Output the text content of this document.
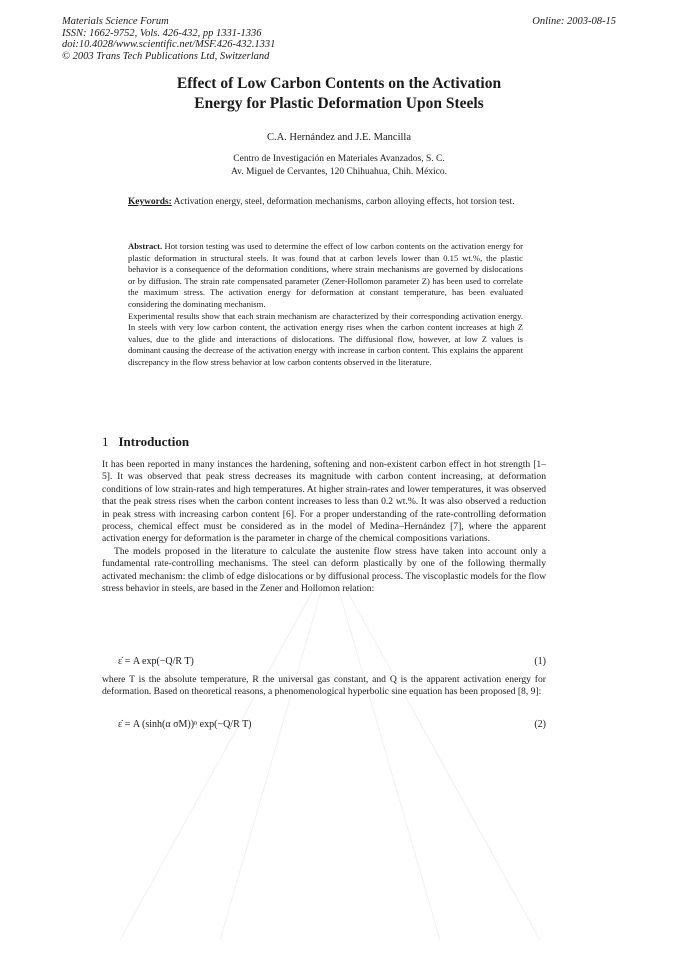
Materials Science Forum
ISSN: 1662-9752, Vols. 426-432, pp 1331-1336
doi:10.4028/www.scientific.net/MSF.426-432.1331
© 2003 Trans Tech Publications Ltd, Switzerland
Online: 2003-08-15
Effect of Low Carbon Contents on the Activation
Energy for Plastic Deformation Upon Steels
C.A. Hernández and J.E. Mancilla
Centro de Investigación en Materiales Avanzados, S. C.
Av. Miguel de Cervantes, 120 Chihuahua, Chih. México.
Keywords: Activation energy, steel, deformation mechanisms, carbon alloying effects, hot torsion test.

Abstract. Hot torsion testing was used to determine the effect of low carbon contents on the activation energy for plastic deformation in structural steels. It was found that at carbon levels lower than 0.15 wt.%, the plastic behavior is a consequence of the deformation conditions, where strain mechanisms are governed by dislocations or by diffusion. The strain rate compensated parameter (Zener-Hollomon parameter Z) has been used to correlate the maximum stress. The activation energy for deformation at constant temperature, has been evaluated considering the dominating mechanism.

Experimental results show that each strain mechanism are characterized by their corresponding activation energy. In steels with very low carbon content, the activation energy rises when the carbon content increases at high Z values, due to the glide and interactions of dislocations. The diffusional flow, however, at low Z values is dominant causing the decrease of the activation energy with increase in carbon content. This explains the apparent discrepancy in the flow stress behavior at low carbon contents observed in the literature.

1 Introduction

It has been reported in many instances the hardening, softening and non-existent carbon effect in hot strength [1–5]. It was observed that peak stress decreases its magnitude with carbon content increasing, at deformation conditions of low strain-rates and high temperatures. At higher strain-rates and lower temperatures, it was observed that the peak stress rises when the carbon content increases to less than 0.2 wt.%. It was also observed a reduction in peak stress with increasing carbon content [6]. For a proper understanding of the rate-controlling deformation process, chemical effect must be considered as in the model of Medina–Hernández [7], where the apparent activation energy for deformation is the parameter in charge of the chemical compositions variations.

The models proposed in the literature to calculate the austenite flow stress have taken into account only a fundamental rate-controlling mechanisms. The steel can deform plastically by one of the following thermally activated mechanism: the climb of edge dislocations or by diffusional process. The viscoplastic models for the flow stress behavior in steels, are based in the Zener and Hollomon relation:

ε̇ = A exp(−Q/R T)	(1)

where T is the absolute temperature, R the universal gas constant, and Q is the apparent activation energy for deformation. Based on theoretical reasons, a phenomenological hyperbolic sine equation has been proposed [8, 9]:

ε̇ = A (sinh(α σM))ⁿ exp(−Q/R T)	(2)
